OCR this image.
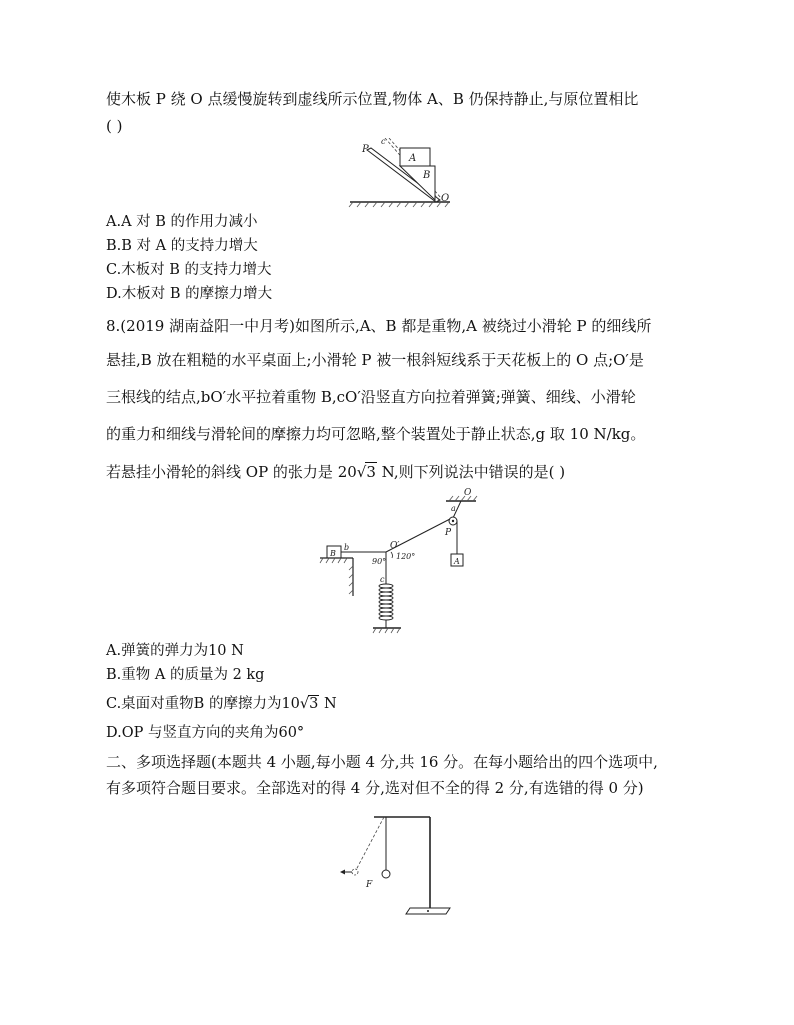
使木板 P 绕 O 点缓慢旋转到虚线所示位置,物体 A、B 仍保持静止,与原位置相比
( )
P
c
A
B
O
A.A 对 B 的作用力减小
B.B 对 A 的支持力增大
C.木板对 B 的支持力增大
D.木板对 B 的摩擦力增大
8.(2019 湖南益阳一中月考)如图所示,A、B 都是重物,A 被绕过小滑轮 P 的细线所
悬挂,B 放在粗糙的水平桌面上;小滑轮 P 被一根斜短线系于天花板上的 O 点;O′是
三根线的结点,bO′水平拉着重物 B,cO′沿竖直方向拉着弹簧;弹簧、细线、小滑轮
的重力和细线与滑轮间的摩擦力均可忽略,整个装置处于静止状态,g 取 10 N/kg。
若悬挂小滑轮的斜线 OP 的张力是 20√3 N,则下列说法中错误的是( )
O
a
P
A
O′
120°
90°
b
B
c
A.弹簧的弹力为10 N
B.重物 A 的质量为 2 kg
C.桌面对重物B 的摩擦力为10√3 N
D.OP 与竖直方向的夹角为60°
二、多项选择题(本题共 4 小题,每小题 4 分,共 16 分。在每小题给出的四个选项中,
有多项符合题目要求。全部选对的得 4 分,选对但不全的得 2 分,有选错的得 0 分)
F
